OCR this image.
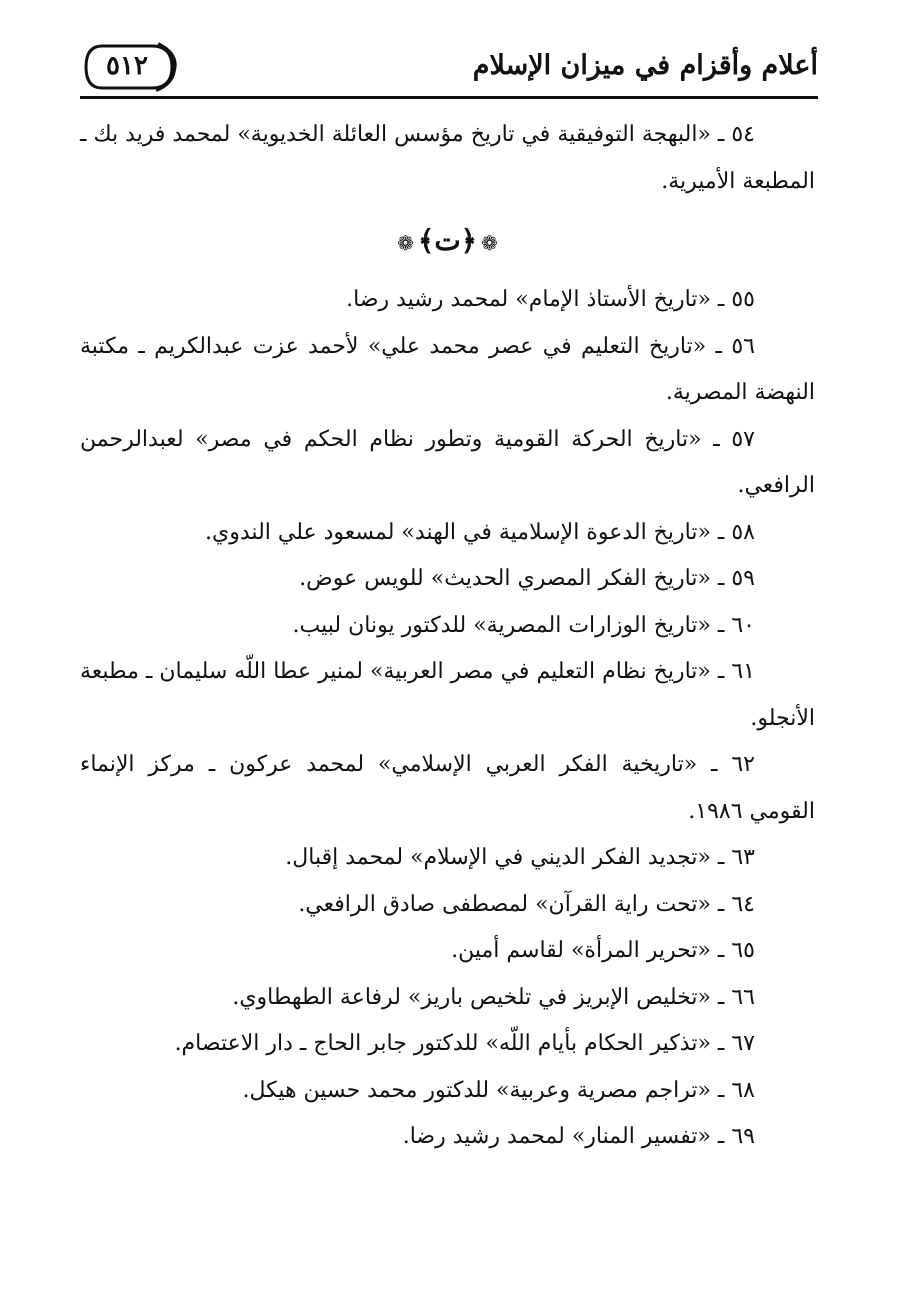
أعلام وأقزام في ميزان الإسلام
٥١٢

٥٤ ـ «البهجة التوفيقية في تاريخ مؤسس العائلة الخديوية» لمحمد فريد بك ـ المطبعة الأميرية.

❁﴿ت﴾❁

٥٥ ـ «تاريخ الأستاذ الإمام» لمحمد رشيد رضا.

٥٦ ـ «تاريخ التعليم في عصر محمد علي» لأحمد عزت عبدالكريم ـ مكتبة النهضة المصرية.

٥٧ ـ «تاريخ الحركة القومية وتطور نظام الحكم في مصر» لعبدالرحمن الرافعي.

٥٨ ـ «تاريخ الدعوة الإسلامية في الهند» لمسعود علي الندوي.

٥٩ ـ «تاريخ الفكر المصري الحديث» للويس عوض.

٦٠ ـ «تاريخ الوزارات المصرية» للدكتور يونان لبيب.

٦١ ـ «تاريخ نظام التعليم في مصر العربية» لمنير عطا اللّه سليمان ـ مطبعة الأنجلو.

٦٢ ـ «تاريخية الفكر العربي الإسلامي» لمحمد عركون ـ مركز الإنماء القومي ١٩٨٦.

٦٣ ـ «تجديد الفكر الديني في الإسلام» لمحمد إقبال.

٦٤ ـ «تحت راية القرآن» لمصطفى صادق الرافعي.

٦٥ ـ «تحرير المرأة» لقاسم أمين.

٦٦ ـ «تخليص الإبريز في تلخيص باريز» لرفاعة الطهطاوي.

٦٧ ـ «تذكير الحكام بأيام اللّه» للدكتور جابر الحاج ـ دار الاعتصام.

٦٨ ـ «تراجم مصرية وعربية» للدكتور محمد حسين هيكل.

٦٩ ـ «تفسير المنار» لمحمد رشيد رضا.
